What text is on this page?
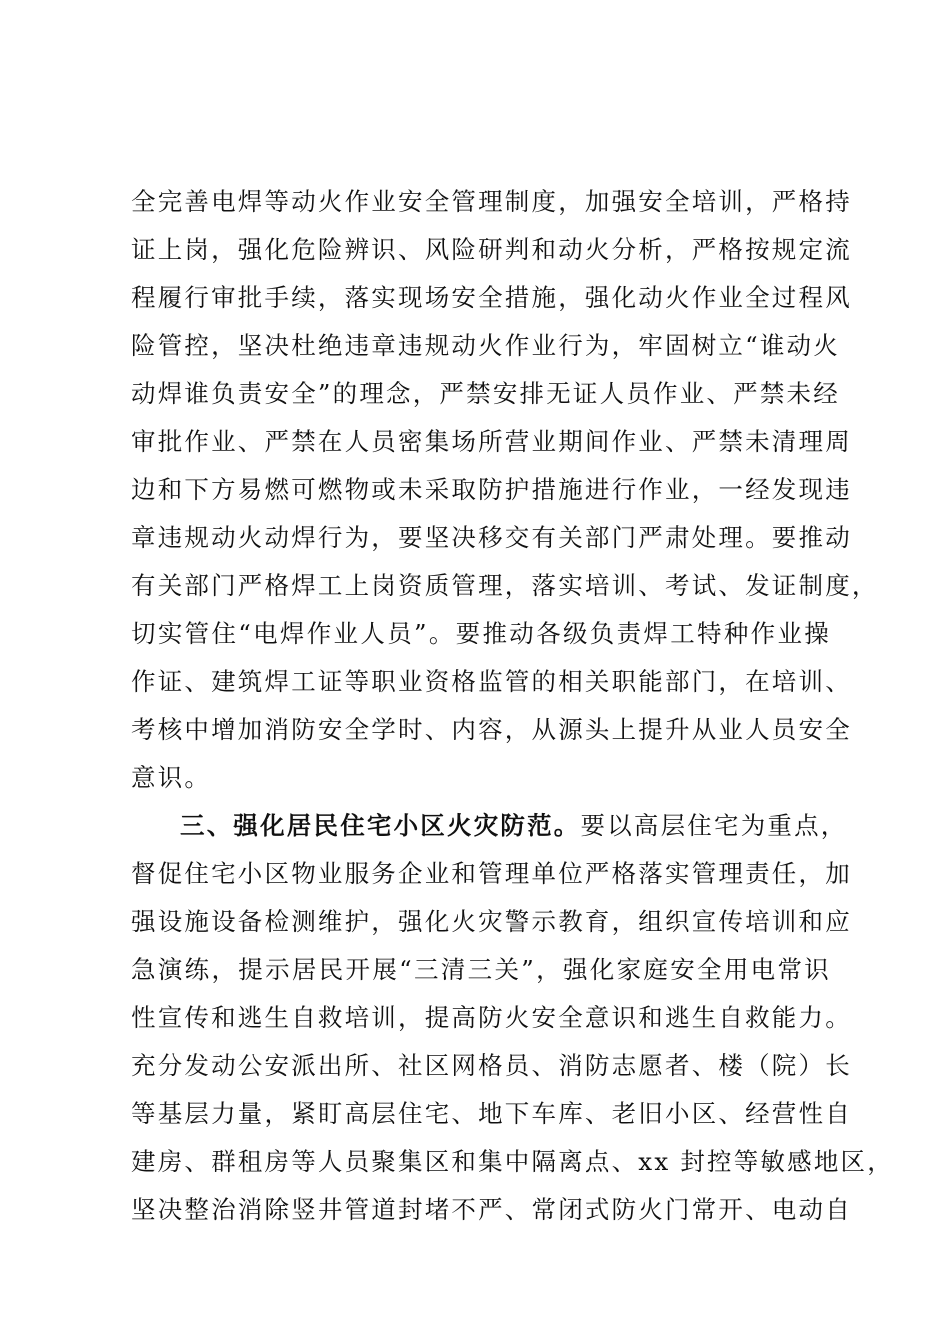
全完善电焊等动火作业安全管理制度，加强安全培训，严格持
证上岗，强化危险辨识、风险研判和动火分析，严格按规定流
程履行审批手续，落实现场安全措施，强化动火作业全过程风
险管控，坚决杜绝违章违规动火作业行为，牢固树立“谁动火
动焊谁负责安全”的理念，严禁安排无证人员作业、严禁未经
审批作业、严禁在人员密集场所营业期间作业、严禁未清理周
边和下方易燃可燃物或未采取防护措施进行作业，一经发现违
章违规动火动焊行为，要坚决移交有关部门严肃处理。要推动
有关部门严格焊工上岗资质管理，落实培训、考试、发证制度，
切实管住“电焊作业人员”。要推动各级负责焊工特种作业操
作证、建筑焊工证等职业资格监管的相关职能部门，在培训、
考核中增加消防安全学时、内容，从源头上提升从业人员安全
意识。
三、强化居民住宅小区火灾防范。要以高层住宅为重点，
督促住宅小区物业服务企业和管理单位严格落实管理责任，加
强设施设备检测维护，强化火灾警示教育，组织宣传培训和应
急演练，提示居民开展“三清三关”，强化家庭安全用电常识
性宣传和逃生自救培训，提高防火安全意识和逃生自救能力。
充分发动公安派出所、社区网格员、消防志愿者、楼（院）长
等基层力量，紧盯高层住宅、地下车库、老旧小区、经营性自
建房、群租房等人员聚集区和集中隔离点、xx 封控等敏感地区，
坚决整治消除竖井管道封堵不严、常闭式防火门常开、电动自
